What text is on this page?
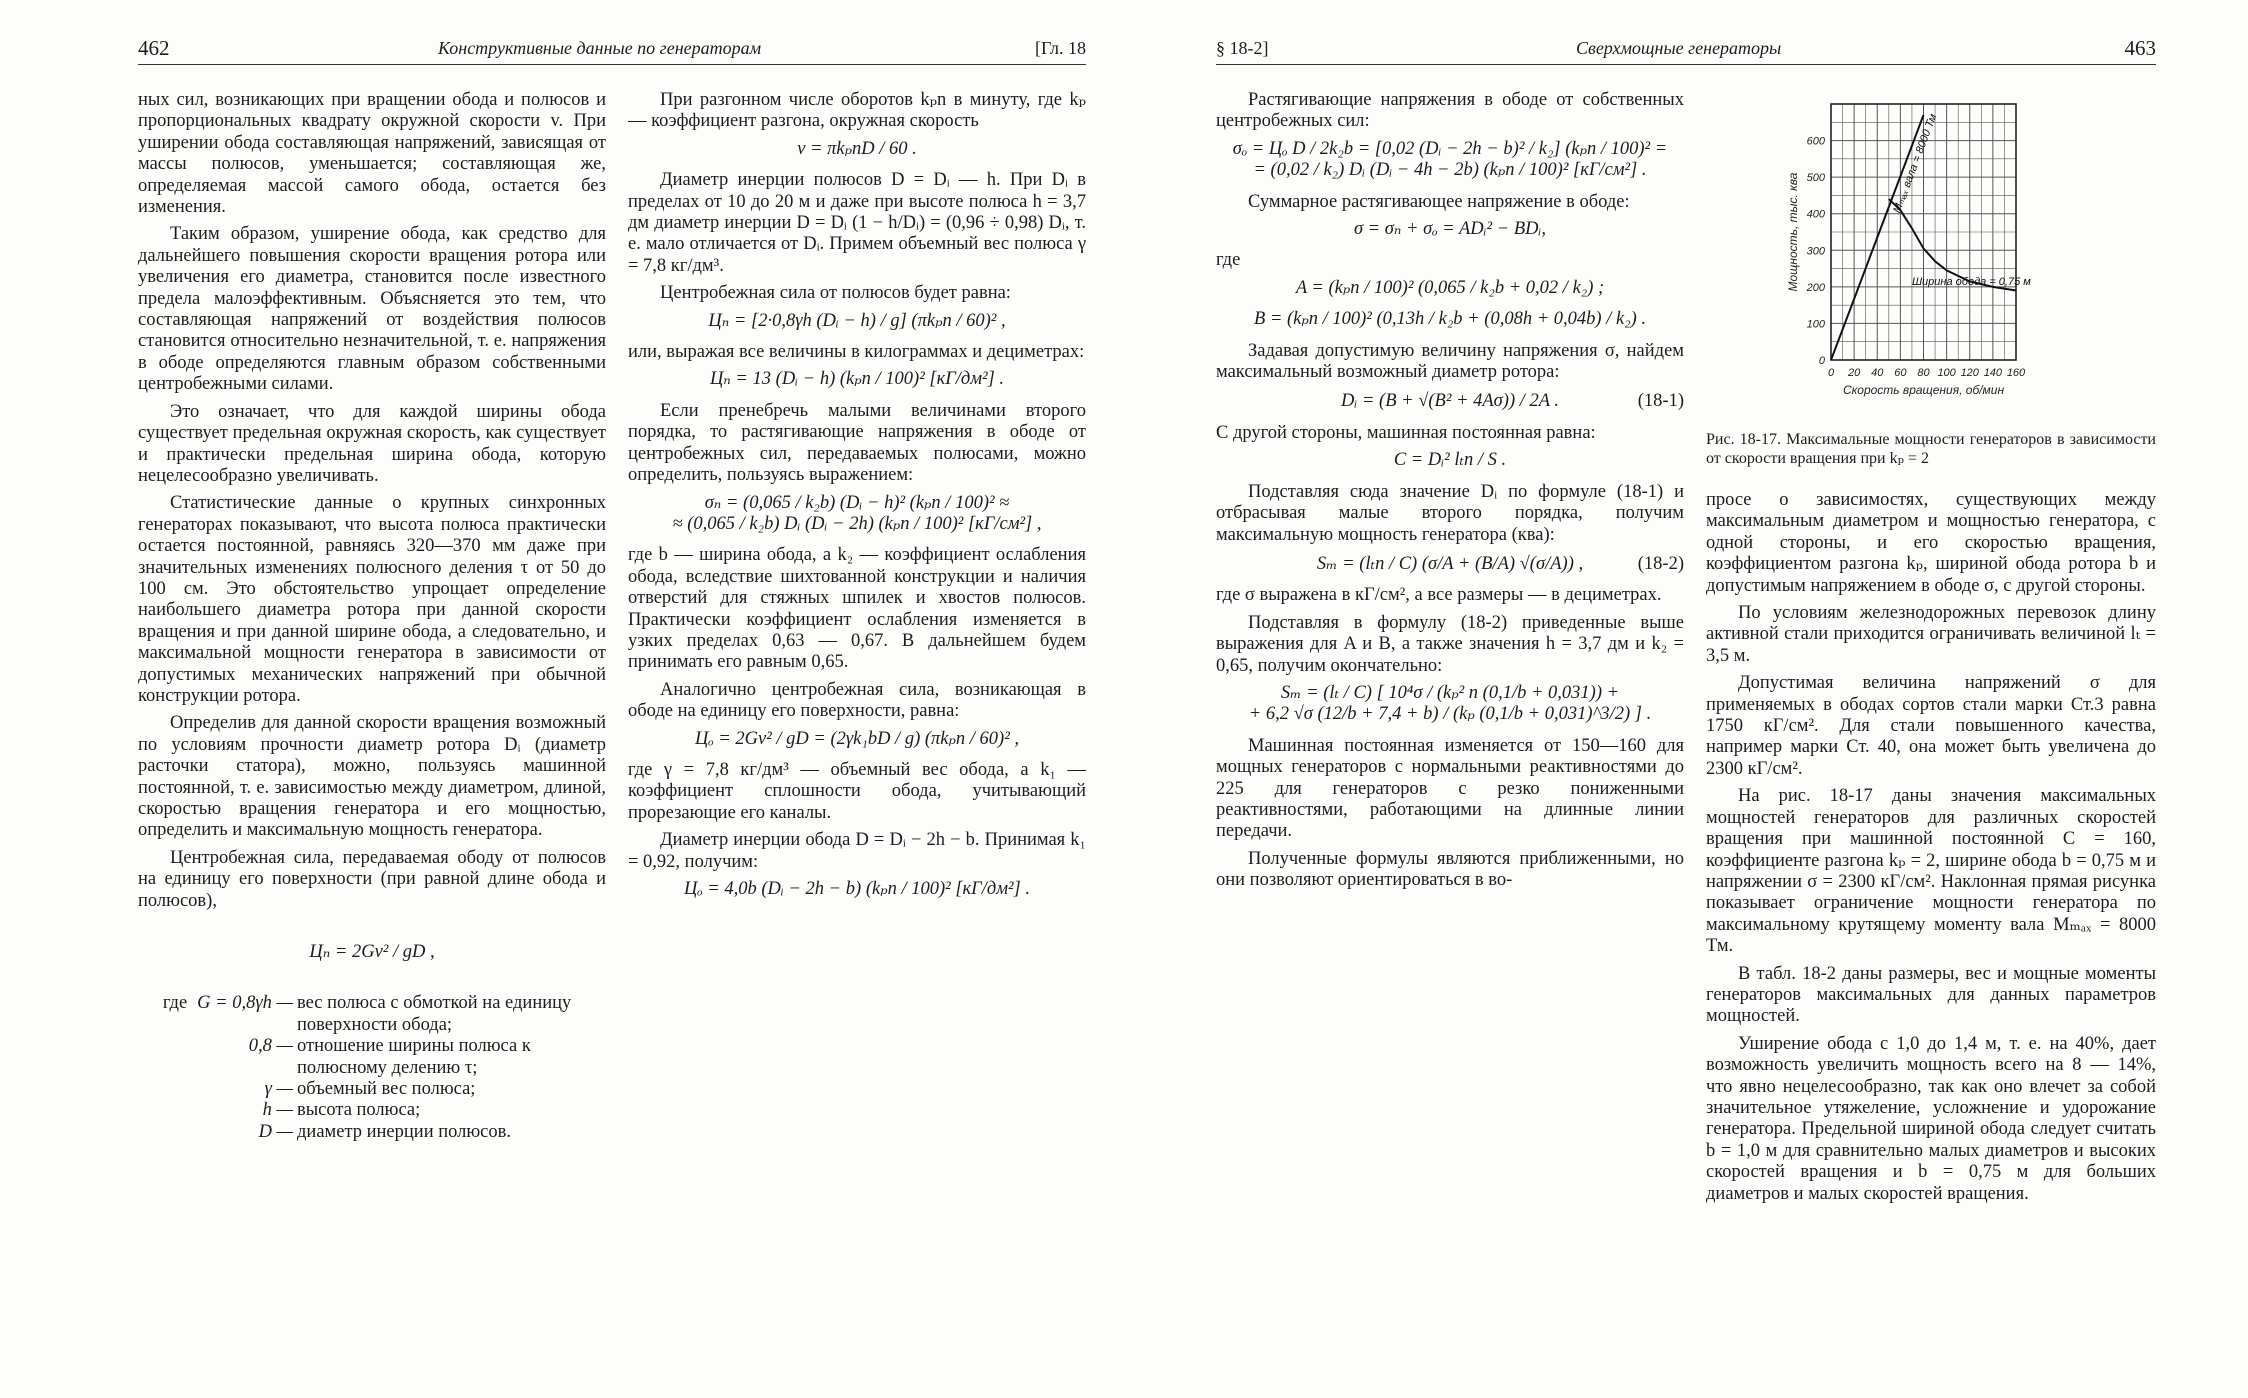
462	Конструктивные данные по генераторам	[Гл. 18

ных сил, возникающих при вращении обода и полюсов и пропорциональных квадрату окружной скорости v. При уширении обода составляющая напряжений, зависящая от массы полюсов, уменьшается; составляющая же, определяемая массой самого обода, остается без изменения.

Таким образом, уширение обода, как средство для дальнейшего повышения скорости вращения ротора или увеличения его диаметра, становится после известного предела малоэффективным. Объясняется это тем, что составляющая напряжений от воздействия полюсов становится относительно незначительной, т. е. напряжения в ободе определяются главным образом собственными центробежными силами.

Это означает, что для каждой ширины обода существует предельная окружная скорость, как существует и практически предельная ширина обода, которую нецелесообразно увеличивать.

Статистические данные о крупных синхронных генераторах показывают, что высота полюса практически остается постоянной, равняясь 320—370 мм даже при значительных изменениях полюсного деления τ от 50 до 100 см. Это обстоятельство упрощает определение наибольшего диаметра ротора при данной скорости вращения и при данной ширине обода, а следовательно, и максимальной мощности генератора в зависимости от допустимых механических напряжений при обычной конструкции ротора.

Определив для данной скорости вращения возможный по условиям прочности диаметр ротора Dᵢ (диаметр расточки статора), можно, пользуясь машинной постоянной, т. е. зависимостью между диаметром, длиной, скоростью вращения генератора и его мощностью, определить и максимальную мощность генератора.

Центробежная сила, передаваемая ободу от полюсов на единицу его поверхности (при равной длине обода и полюсов),

Цₙ = 2Gv² / gD ,
где G = 0,8γh — вес полюса с обмоткой на единицу поверхности обода;
0,8 — отношение ширины полюса к полюсному делению τ;
γ — объемный вес полюса;
h — высота полюса;
D — диаметр инерции полюсов.

При разгонном числе оборотов kₚn в минуту, где kₚ — коэффициент разгона, окружная скорость

v = πkₚnD / 60 .

Диаметр инерции полюсов D = Dᵢ — h. При Dᵢ в пределах от 10 до 20 м и даже при высоте полюса h = 3,7 дм диаметр инерции D = Dᵢ (1 − h/Dᵢ) = (0,96 ÷ 0,98) Dᵢ, т. е. мало отличается от Dᵢ. Примем объемный вес полюса γ = 7,8 кг/дм³.

Центробежная сила от полюсов будет равна:

Цₙ = [2·0,8γh (Dᵢ − h) / g] (πkₚn / 60)² ,

или, выражая все величины в килограммах и дециметрах:

Цₙ = 13 (Dᵢ − h) (kₚn / 100)² [кГ/дм²] .

Если пренебречь малыми величинами второго порядка, то растягивающие напряжения в ободе от центробежных сил, передаваемых полюсами, можно определить, пользуясь выражением:

σₙ = (0,065 / k₂b) (Dᵢ − h)² (kₚn / 100)² ≈
≈ (0,065 / k₂b) Dᵢ (Dᵢ − 2h) (kₚn / 100)² [кГ/см²] ,

где b — ширина обода, а k₂ — коэффициент ослабления обода, вследствие шихтованной конструкции и наличия отверстий для стяжных шпилек и хвостов полюсов. Практически коэффициент ослабления изменяется в узких пределах 0,63 — 0,67. В дальнейшем будем принимать его равным 0,65.

Аналогично центробежная сила, возникающая в ободе на единицу его поверхности, равна:

Цₒ = 2Gv² / gD = (2γk₁bD / g) (πkₚn / 60)² ,

где γ = 7,8 кг/дм³ — объемный вес обода, а k₁ — коэффициент сплошности обода, учитывающий прорезающие его каналы.

Диаметр инерции обода D = Dᵢ − 2h − b. Принимая k₁ = 0,92, получим:

Цₒ = 4,0b (Dᵢ − 2h − b) (kₚn / 100)² [кГ/дм²] .
§ 18-2]	Сверхмощные генераторы	463

Растягивающие напряжения в ободе от собственных центробежных сил:

σₒ = Цₒ D / 2k₂b = [0,02 (Dᵢ − 2h − b)² / k₂] (kₚn / 100)² =
= (0,02 / k₂) Dᵢ (Dᵢ − 4h − 2b) (kₚn / 100)² [кГ/см²] .

Суммарное растягивающее напряжение в ободе:

σ = σₙ + σₒ = ADᵢ² − BDᵢ,

где

A = (kₚn / 100)² (0,065 / k₂b + 0,02 / k₂) ;
B = (kₚn / 100)² (0,13h / k₂b + (0,08h + 0,04b) / k₂) .

Задавая допустимую величину напряжения σ, найдем максимальный возможный диаметр ротора:

Dᵢ = (B + √(B² + 4Aσ)) / 2A .	(18-1)

С другой стороны, машинная постоянная равна:

C = Dᵢ² lₜn / S .

Подставляя сюда значение Dᵢ по формуле (18-1) и отбрасывая малые второго порядка, получим максимальную мощность генератора (ква):

Sₘ = (lₜn / C) (σ/A + (B/A) √(σ/A)) ,	(18-2)

где σ выражена в кГ/см², а все размеры — в дециметрах.

Подставляя в формулу (18-2) приведенные выше выражения для A и B, а также значения h = 3,7 дм и k₂ = 0,65, получим окончательно:

Sₘ = (lₜ / C) [ 10⁴σ / (kₚ² n (0,1/b + 0,031)) +
+ 6,2 √σ (12/b + 7,4 + b) / (kₚ (0,1/b + 0,031)^3/2) ] .

Машинная постоянная изменяется от 150—160 для мощных генераторов с нормальными реактивностями до 225 для генераторов с резко пониженными реактивностями, работающими на длинные линии передачи.

Полученные формулы являются приближенными, но они позволяют ориентироваться в во-

0 20 40 60 80 100 120 140 160
0
100
200
300
400
500
600
Скорость вращения, об/мин
Мощность, тыс. ква
Mₘₐₓ вала = 8000 Тм
Ширина обода = 0,75 м
Рис. 18-17. Максимальные мощности генераторов в зависимости от скорости вращения при kₚ = 2

просе о зависимостях, существующих между максимальным диаметром и мощностью генератора, с одной стороны, и его скоростью вращения, коэффициентом разгона kₚ, шириной обода ротора b и допустимым напряжением в ободе σ, с другой стороны.

По условиям железнодорожных перевозок длину активной стали приходится ограничивать величиной lₜ = 3,5 м.

Допустимая величина напряжений σ для применяемых в ободах сортов стали марки Ст.3 равна 1750 кГ/см². Для стали повышенного качества, например марки Ст. 40, она может быть увеличена до 2300 кГ/см².

На рис. 18-17 даны значения максимальных мощностей генераторов для различных скоростей вращения при машинной постоянной C = 160, коэффициенте разгона kₚ = 2, ширине обода b = 0,75 м и напряжении σ = 2300 кГ/см². Наклонная прямая рисунка показывает ограничение мощности генератора по максимальному крутящему моменту вала Mₘₐₓ = 8000 Тм.

В табл. 18-2 даны размеры, вес и мощные моменты генераторов максимальных для данных параметров мощностей.

Уширение обода с 1,0 до 1,4 м, т. е. на 40%, дает возможность увеличить мощность всего на 8 — 14%, что явно нецелесообразно, так как оно влечет за собой значительное утяжеление, усложнение и удорожание генератора. Предельной шириной обода следует считать b = 1,0 м для сравнительно малых диаметров и высоких скоростей вращения и b = 0,75 м для больших диаметров и малых скоростей вращения.
